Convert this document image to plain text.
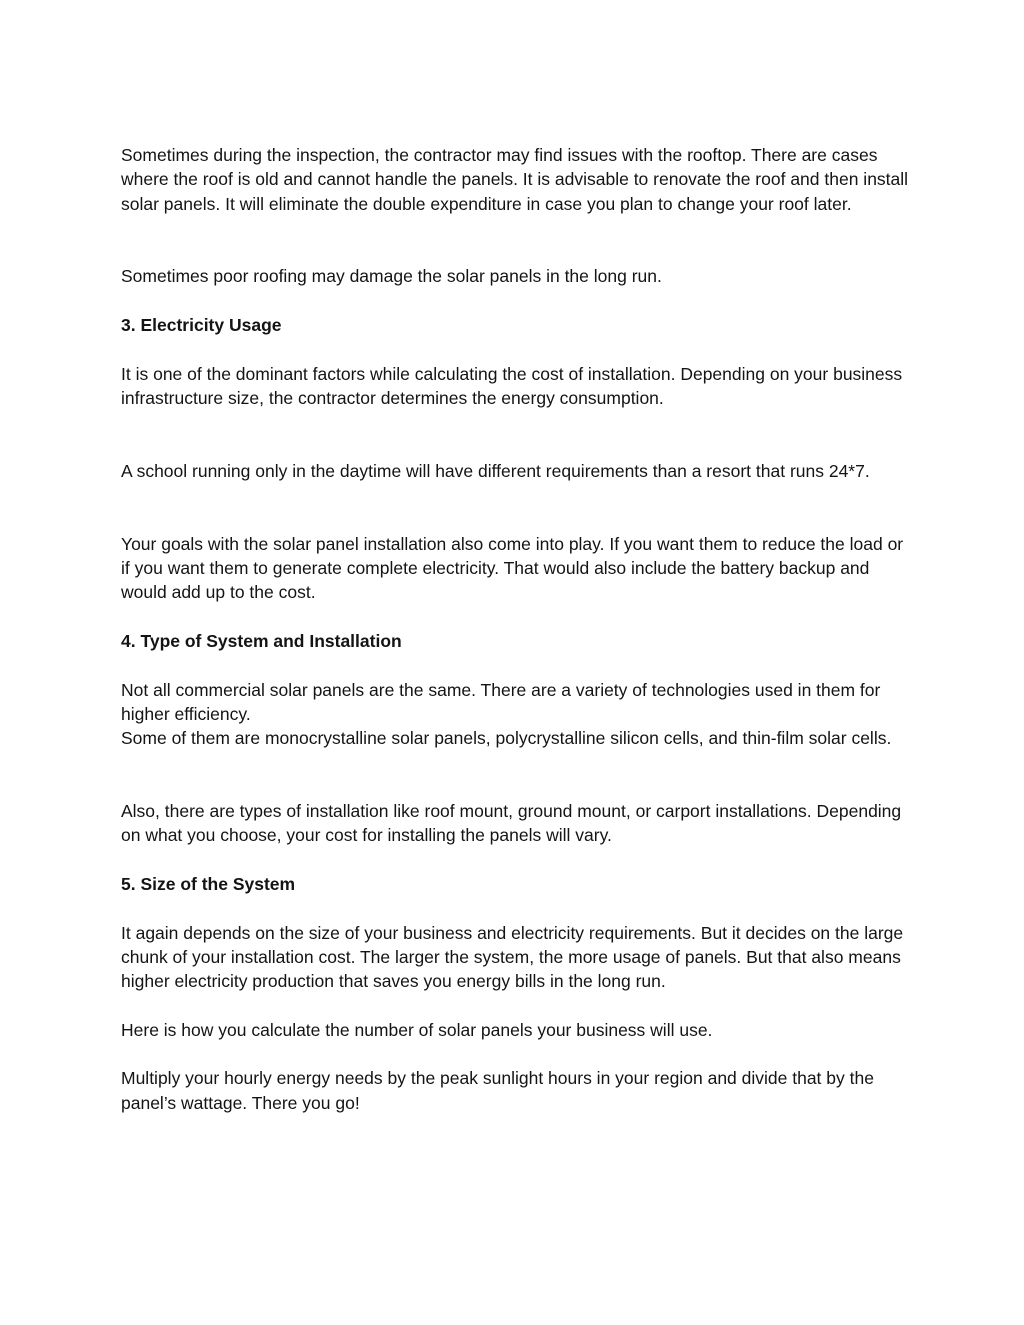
Sometimes during the inspection, the contractor may find issues with the rooftop. There are cases where the roof is old and cannot handle the panels. It is advisable to renovate the roof and then install solar panels. It will eliminate the double expenditure in case you plan to change your roof later.

Sometimes poor roofing may damage the solar panels in the long run.

3. Electricity Usage

It is one of the dominant factors while calculating the cost of installation. Depending on your business infrastructure size, the contractor determines the energy consumption.

A school running only in the daytime will have different requirements than a resort that runs 24*7.

Your goals with the solar panel installation also come into play. If you want them to reduce the load or if you want them to generate complete electricity. That would also include the battery backup and would add up to the cost.

4. Type of System and Installation

Not all commercial solar panels are the same. There are a variety of technologies used in them for higher efficiency.

Some of them are monocrystalline solar panels, polycrystalline silicon cells, and thin-film solar cells.

Also, there are types of installation like roof mount, ground mount, or carport installations. Depending on what you choose, your cost for installing the panels will vary.

5. Size of the System

It again depends on the size of your business and electricity requirements. But it decides on the large chunk of your installation cost. The larger the system, the more usage of panels. But that also means higher electricity production that saves you energy bills in the long run.

Here is how you calculate the number of solar panels your business will use.

Multiply your hourly energy needs by the peak sunlight hours in your region and divide that by the panel’s wattage. There you go!
